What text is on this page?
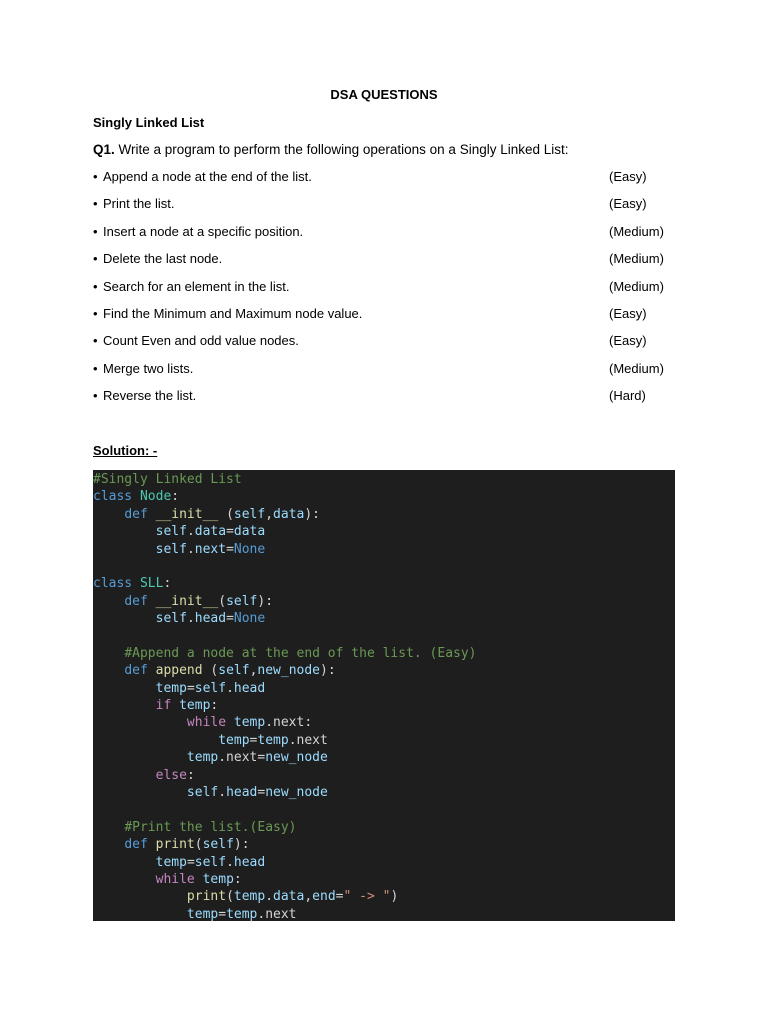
DSA QUESTIONS
Singly Linked List
Q1. Write a program to perform the following operations on a Singly Linked List:
• Append a node at the end of the list.	(Easy)
• Print the list.	(Easy)
• Insert a node at a specific position.	(Medium)
• Delete the last node.	(Medium)
• Search for an element in the list.	(Medium)
• Find the Minimum and Maximum node value.	(Easy)
• Count Even and odd value nodes.	(Easy)
• Merge two lists.	(Medium)
• Reverse the list.	(Hard)
Solution: -
#Singly Linked List
class Node:
def __init__ (self,data):
self.data=data
self.next=None
class SLL:
def __init__(self):
self.head=None
#Append a node at the end of the list. (Easy)
def append (self,new_node):
temp=self.head
if temp:
while temp.next:
temp=temp.next
temp.next=new_node
else:
self.head=new_node
#Print the list.(Easy)
def print(self):
temp=self.head
while temp:
print(temp.data,end=" -> ")
temp=temp.next
